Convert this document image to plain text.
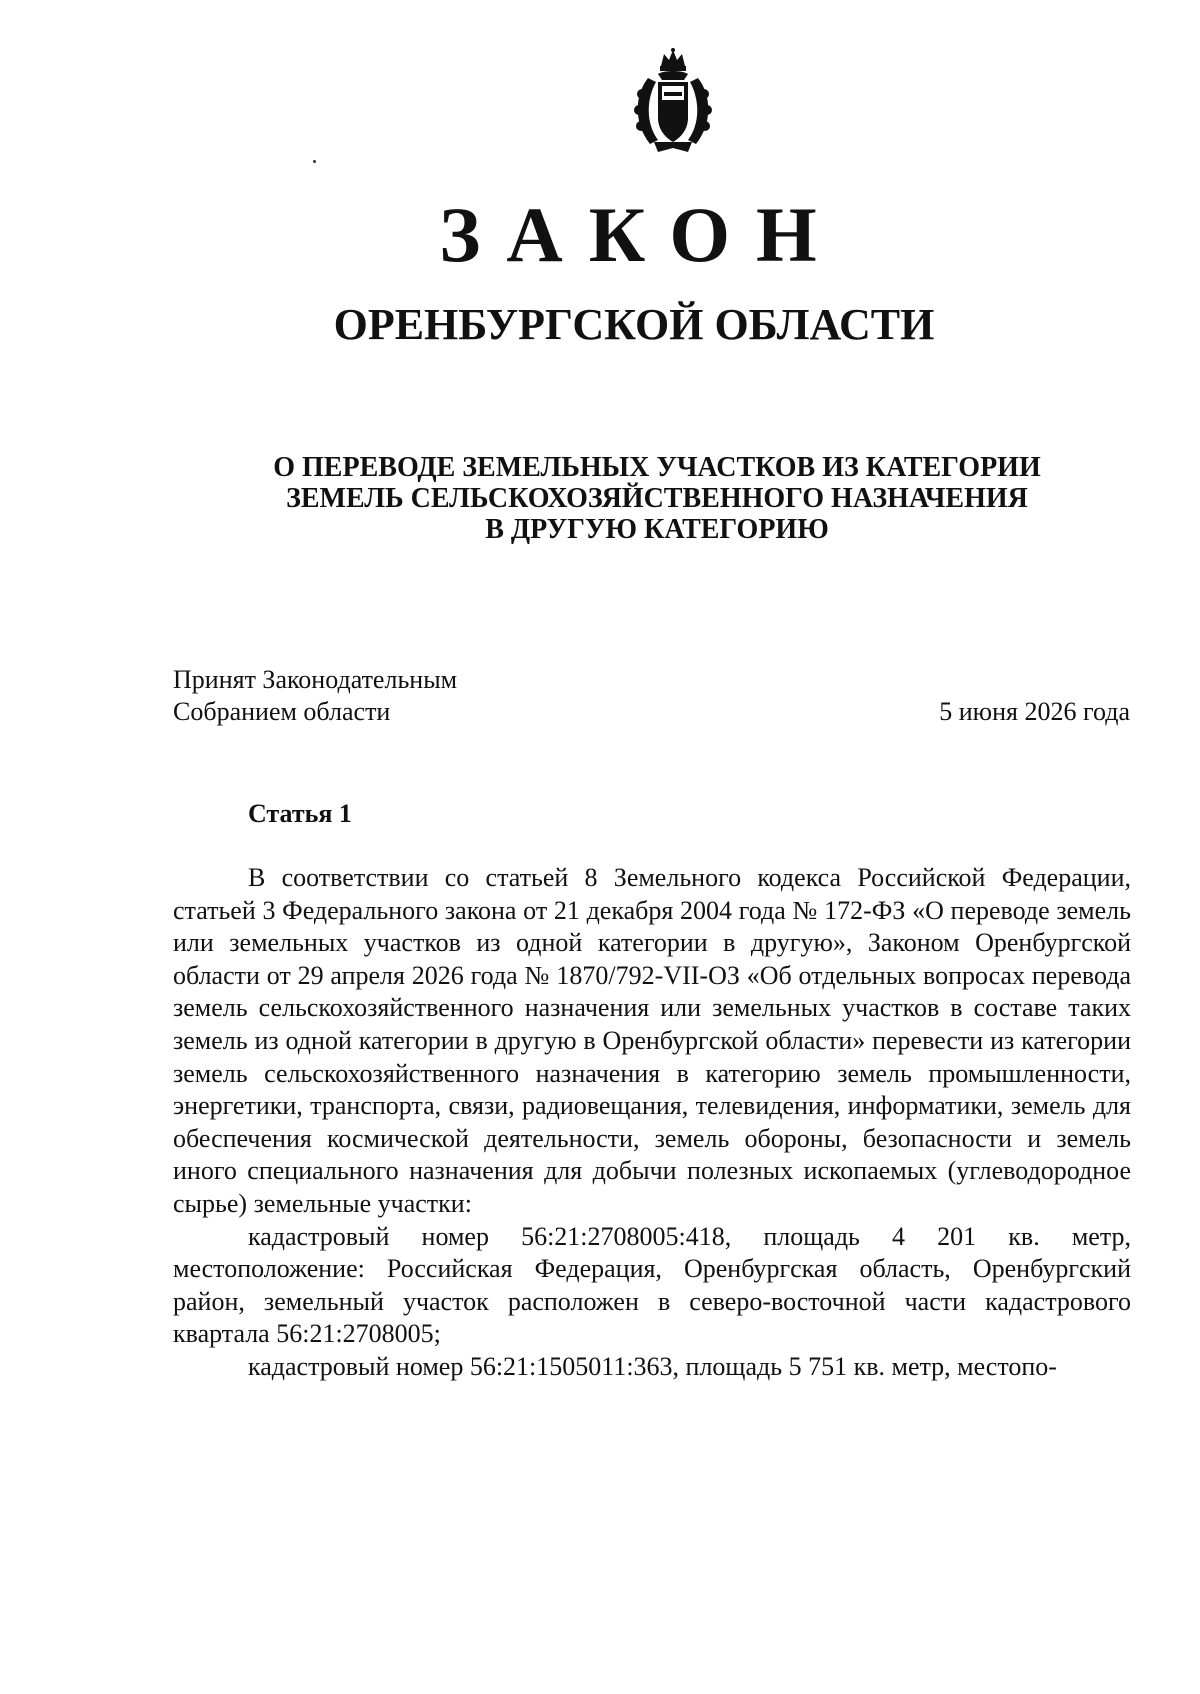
ЗАКОН
ОРЕНБУРГСКОЙ ОБЛАСТИ
О ПЕРЕВОДЕ ЗЕМЕЛЬНЫХ УЧАСТКОВ ИЗ КАТЕГОРИИ
ЗЕМЕЛЬ СЕЛЬСКОХОЗЯЙСТВЕННОГО НАЗНАЧЕНИЯ
В ДРУГУЮ КАТЕГОРИЮ
Принят Законодательным
Собранием области	5 июня 2026 года
Статья 1

В соответствии со статьей 8 Земельного кодекса Российской Федерации, статьей 3 Федерального закона от 21 декабря 2004 года № 172-ФЗ «О переводе земель или земельных участков из одной категории в другую», Законом Оренбургской области от 29 апреля 2026 года № 1870/792-VII-ОЗ «Об отдельных вопросах перевода земель сельскохозяйственного назначения или земельных участков в составе таких земель из одной категории в другую в Оренбургской области» перевести из категории земель сельскохозяйственного назначения в категорию земель промышленности, энергетики, транспорта, связи, радиовещания, телевидения, информатики, земель для обеспечения космической деятельности, земель обороны, безопасности и земель иного специального назначения для добычи полезных ископаемых (углеводородное сырье) земельные участки:

кадастровый номер 56:21:2708005:418, площадь 4 201 кв. метр, местоположение: Российская Федерация, Оренбургская область, Оренбургский район, земельный участок расположен в северо-восточной части кадастрового квартала 56:21:2708005;

кадастровый номер 56:21:1505011:363, площадь 5 751 кв. метр, местопо-
